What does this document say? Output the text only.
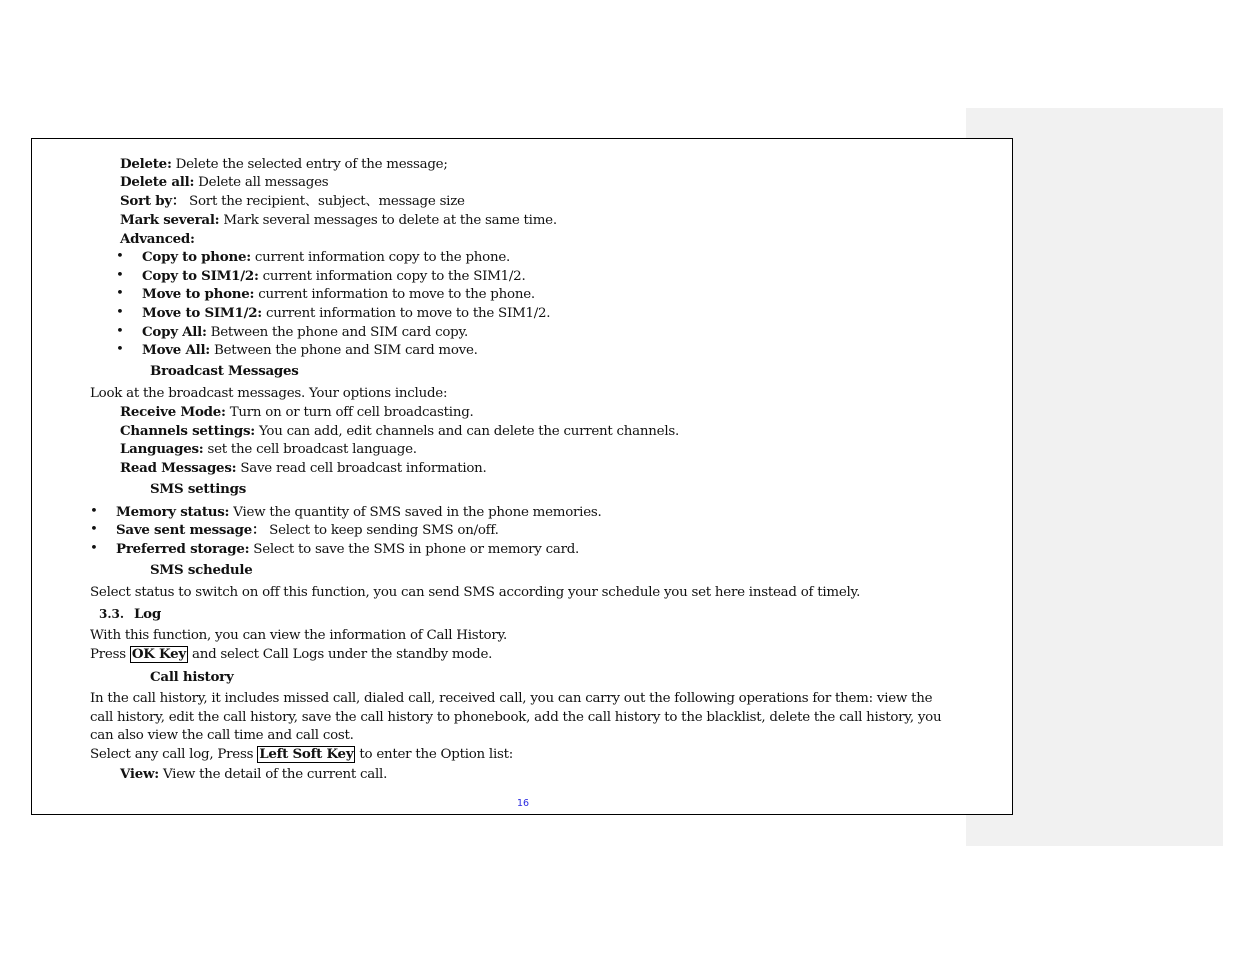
Delete: Delete the selected entry of the message;
Delete all: Delete all messages
Sort by： Sort the recipient、subject、message size
Mark several: Mark several messages to delete at the same time.
Advanced:
• Copy to phone: current information copy to the phone.
• Copy to SIM1/2: current information copy to the SIM1/2.
• Move to phone: current information to move to the phone.
• Move to SIM1/2: current information to move to the SIM1/2.
• Copy All: Between the phone and SIM card copy.
• Move All: Between the phone and SIM card move.
Broadcast Messages
Look at the broadcast messages. Your options include:
Receive Mode: Turn on or turn off cell broadcasting.
Channels settings: You can add, edit channels and can delete the current channels.
Languages: set the cell broadcast language.
Read Messages: Save read cell broadcast information.
SMS settings
• Memory status: View the quantity of SMS saved in the phone memories.
• Save sent message： Select to keep sending SMS on/off.
• Preferred storage: Select to save the SMS in phone or memory card.
SMS schedule
Select status to switch on off this function, you can send SMS according your schedule you set here instead of timely.
3.3. Log
With this function, you can view the information of Call History.
Press OK Key and select Call Logs under the standby mode.
Call history
In the call history, it includes missed call, dialed call, received call, you can carry out the following operations for them: view the call history, edit the call history, save the call history to phonebook, add the call history to the blacklist, delete the call history, you can also view the call time and call cost.
Select any call log, Press Left Soft Key to enter the Option list:
View: View the detail of the current call.
16
